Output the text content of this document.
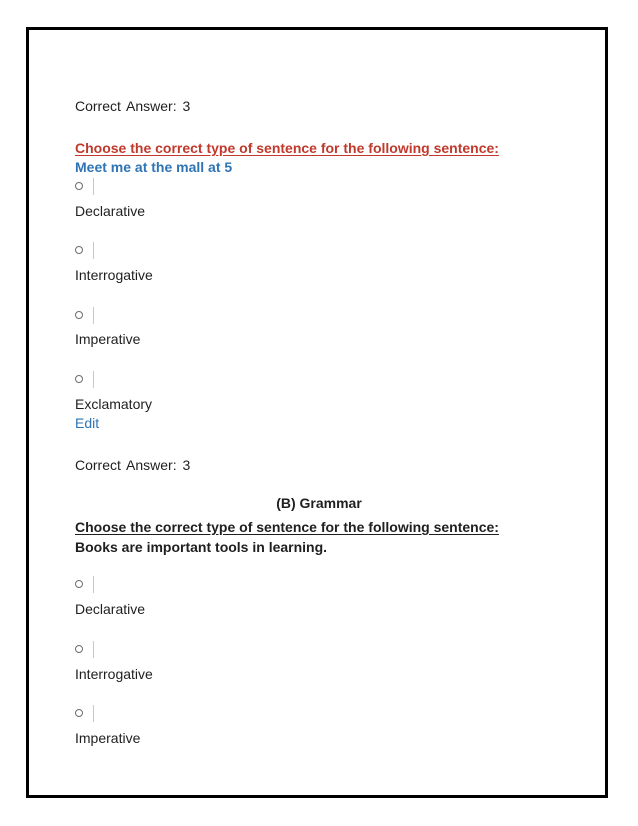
Correct Answer: 3
Choose the correct type of sentence for the following sentence:
Meet me at the mall at 5
Declarative
Interrogative
Imperative
Exclamatory
Edit
Correct Answer: 3
(B) Grammar
Choose the correct type of sentence for the following sentence:
Books are important tools in learning.
Declarative
Interrogative
Imperative
